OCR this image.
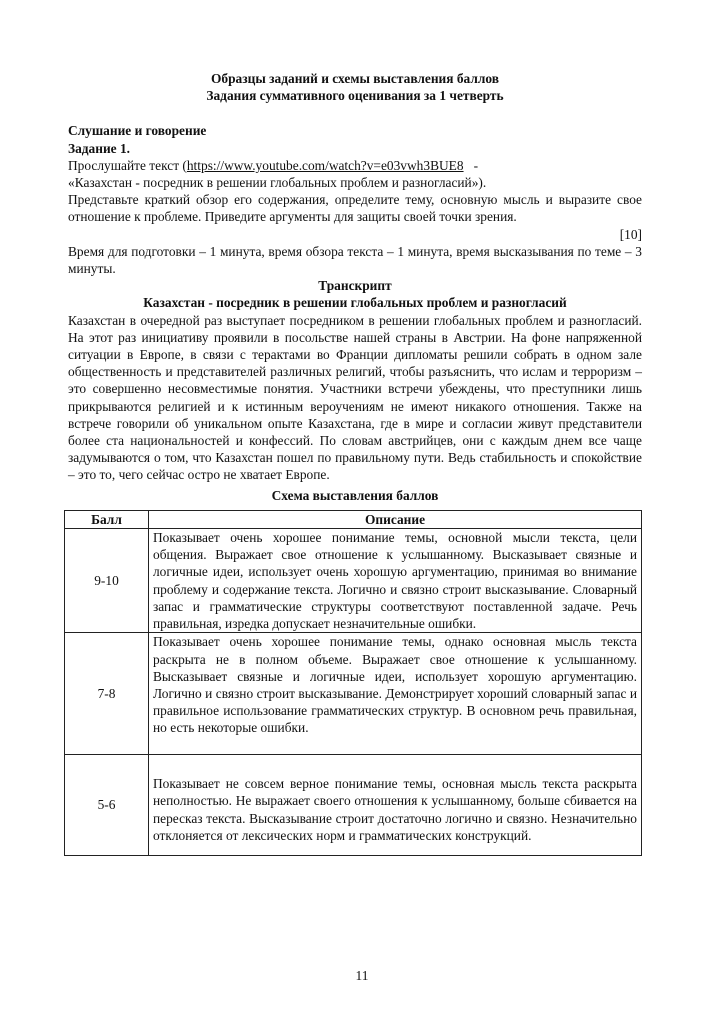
Образцы заданий и схемы выставления баллов
Задания суммативного оценивания за 1 четверть
Слушание и говорение
Задание 1.
Прослушайте текст (https://www.youtube.com/watch?v=e03vwh3BUE8   -
«Казахстан - посредник в решении глобальных проблем и разногласий»).
Представьте краткий обзор его содержания, определите тему, основную мысль и выразите свое отношение к проблеме. Приведите аргументы для защиты своей точки зрения.
[10]
Время для подготовки – 1 минута, время обзора текста – 1 минута, время высказывания по теме – 3 минуты.
Транскрипт
Казахстан - посредник в решении глобальных проблем и разногласий
Казахстан в очередной раз выступает посредником в решении глобальных проблем и разногласий. На этот раз инициативу проявили в посольстве нашей страны в Австрии. На фоне напряженной ситуации в Европе, в связи с терактами во Франции дипломаты решили собрать в одном зале общественность и представителей различных религий, чтобы разъяснить, что ислам и терроризм – это совершенно несовместимые понятия. Участники встречи убеждены, что преступники лишь прикрываются религией и к истинным вероучениям не имеют никакого отношения. Также на встрече говорили об уникальном опыте Казахстана, где в мире и согласии живут представители более ста национальностей и конфессий. По словам австрийцев, они с каждым днем все чаще задумываются о том, что Казахстан пошел по правильному пути. Ведь стабильность и спокойствие – это то, чего сейчас остро не хватает Европе.
Схема выставления баллов
Балл	Описание
9-10	Показывает очень хорошее понимание темы, основной мысли текста, цели общения. Выражает свое отношение к услышанному. Высказывает связные и логичные идеи, использует очень хорошую аргументацию, принимая во внимание проблему и содержание текста. Логично и связно строит высказывание. Словарный запас и грамматические структуры соответствуют поставленной задаче. Речь правильная, изредка допускает незначительные ошибки.
7-8	Показывает очень хорошее понимание темы, однако основная мысль текста раскрыта не в полном объеме. Выражает свое отношение к услышанному. Высказывает связные и логичные идеи, использует хорошую аргументацию. Логично и связно строит высказывание. Демонстрирует хороший словарный запас и правильное использование грамматических структур. В основном речь правильная, но есть некоторые ошибки.
5-6	Показывает не совсем верное понимание темы, основная мысль текста раскрыта неполностью. Не выражает своего отношения к услышанному, больше сбивается на пересказ текста. Высказывание строит достаточно логично и связно. Незначительно отклоняется от лексических норм и грамматических конструкций.
11
